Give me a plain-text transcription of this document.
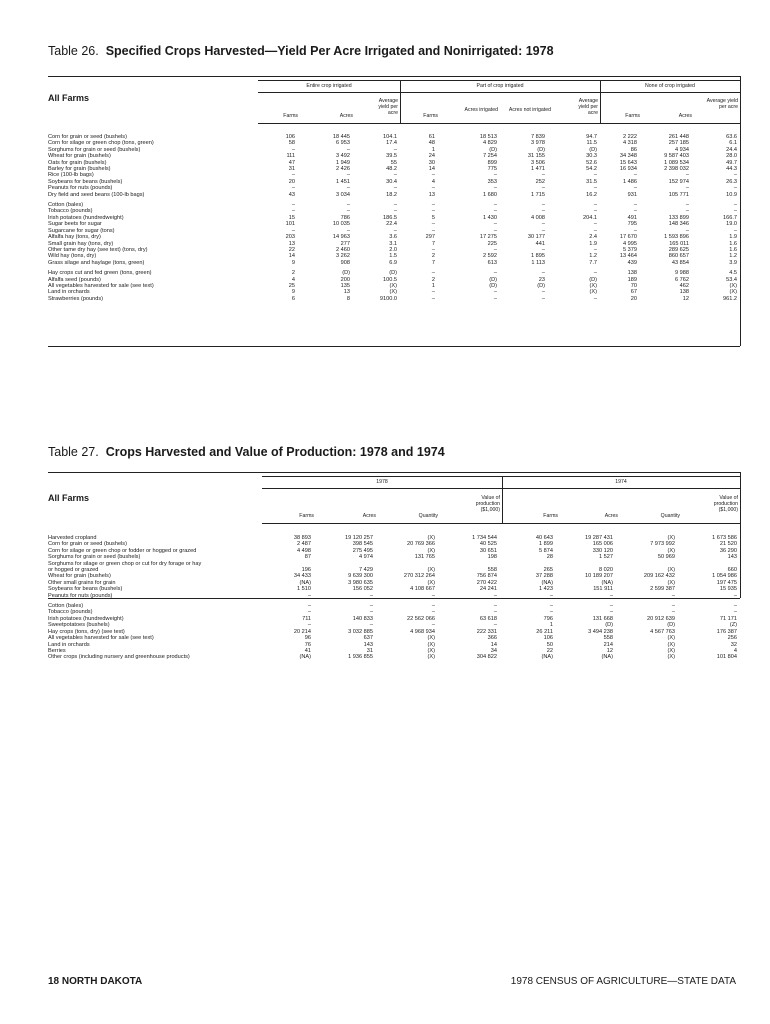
Table 26. Specified Crops Harvested—Yield Per Acre Irrigated and Nonirrigated: 1978
All Farms
Entire crop irrigated	Part of crop irrigated	None of crop irrigated
Farms	Acres
Average yield per acre
Farms
Acres irrigated	Acres not irrigated
Average yield per acre
Farms	Acres
Average yield per acre
Corn for grain or seed (bushels)	106	18 445	104.1	61	18 513	7 839	94.7	2 222	261 448	63.6
Corn for silage or green chop (tons, green)	58	6 953	17.4	48	4 829	3 978	11.5	4 318	257 185	6.1
Sorghums for grain or seed (bushels)	–	–	–	1	(D)	(D)	(D)	86	4 934	24.4
Wheat for grain (bushels)	111	3 492	39.5	24	7 254	31 155	30.3	34 348	9 587 403	28.0
Oats for grain (bushels)	47	1 949	55	30	899	3 506	52.6	15 643	1 089 534	49.7
Barley for grain (bushels)	31	2 426	48.2	14	775	1 471	54.2	16 934	2 398 032	44.3
Rice (100-lb bags)	–	–	–	–	–	–	–	–	–	–
Soybeans for beans (bushels)	20	1 451	30.4	4	353	252	31.5	1 486	152 974	26.3
Peanuts for nuts (pounds)	–	–	–	–	–	–	–	–	–	–
Dry field and seed beans (100-lb bags)	43	3 034	18.2	13	1 680	1 715	16.2	931	105 771	10.9

Cotton (bales)	–	–	–	–	–	–	–	–	–	–
Tobacco (pounds)	–	–	–	–	–	–	–	–	–	–
Irish potatoes (hundredweight)	15	786	186.5	5	1 430	4 008	204.1	491	133 899	166.7
Sugar beets for sugar	101	10 035	22.4	–	–	–	–	795	148 346	19.0
Sugarcane for sugar (tons)	–	–	–	–	–	–	–	–	–	–
Alfalfa hay (tons, dry)	203	14 963	3.6	297	17 275	30 177	2.4	17 670	1 593 896	1.9
Small grain hay (tons, dry)	13	277	3.1	7	225	441	1.9	4 995	165 011	1.6
Other tame dry hay (see text) (tons, dry)	22	2 460	2.0	–	–	–	–	5 379	289 625	1.6
Wild hay (tons, dry)	14	3 262	1.5	2	2 592	1 895	1.2	13 464	860 657	1.2
Grass silage and haylage (tons, green)	9	908	6.9	7	613	1 113	7.7	439	43 854	3.9

Hay crops cut and fed green (tons, green)	2	(D)	(D)	–	–	–	–	138	9 988	4.5
Alfalfa seed (pounds)	4	200	100.5	2	(D)	23	(D)	189	6 762	53.4
All vegetables harvested for sale (see text)	25	135	(X)	1	(D)	(D)	(X)	70	462	(X)
Land in orchards	9	13	(X)	–	–	–	(X)	67	138	(X)
Strawberries (pounds)	6	8	9100.0	–	–	–	–	20	12	961.2
Table 27. Crops Harvested and Value of Production: 1978 and 1974
All Farms
1978	1974
Farms	Acres	Quantity
Value of production ($1,000)
Farms	Acres	Quantity
Value of production ($1,000)
Harvested cropland	38 893	19 120 257	(X)	1 734 544	40 643	19 287 431	(X)	1 673 586
Corn for grain or seed (bushels)	2 487	398 545	20 769 366	40 525	1 899	165 006	7 973 992	21 520
Corn for silage or green chop or fodder or hogged or grazed	4 498	275 495	(X)	30 651	5 874	330 120	(X)	36 290
Sorghums for grain or seed (bushels)	87	4 974	131 765	198	28	1 527	50 969	143
Sorghums for silage or green chop or cut for dry forage or hay								
or hogged or grazed	196	7 429	(X)	558	265	8 020	(X)	660
Wheat for grain (bushels)	34 433	9 639 300	270 312 264	756 874	37 288	10 189 207	209 162 432	1 054 986
Other small grains for grain	(NA)	3 980 635	(X)	270 422	(NA)	(NA)	(X)	197 475
Soybeans for beans (bushels)	1 510	156 052	4 108 667	24 241	1 423	151 911	2 599 387	15 935
Peanuts for nuts (pounds)	–	–	–	–	–	–	–	–

Cotton (bales)	–	–	–	–	–	–	–	–
Tobacco (pounds)	–	–	–	–	–	–	–	–
Irish potatoes (hundredweight)	711	140 833	22 562 066	63 618	796	131 668	20 912 639	71 171
Sweetpotatoes (bushels)	–	–	–	–	1	(D)	(D)	(Z)
Hay crops (tons, dry) (see text)	20 214	3 032 885	4 968 934	222 331	26 211	3 494 238	4 567 763	176 387
All vegetables harvested for sale (see text)	96	637	(X)	366	106	558	(X)	256
Land in orchards	76	143	(X)	14	50	214	(X)	32
Berries	41	31	(X)	34	22	12	(X)	4
Other crops (including nursery and greenhouse products)	(NA)	1 936 855	(X)	304 822	(NA)	(NA)	(X)	101 804
18 NORTH DAKOTA	1978 CENSUS OF AGRICULTURE—STATE DATA
